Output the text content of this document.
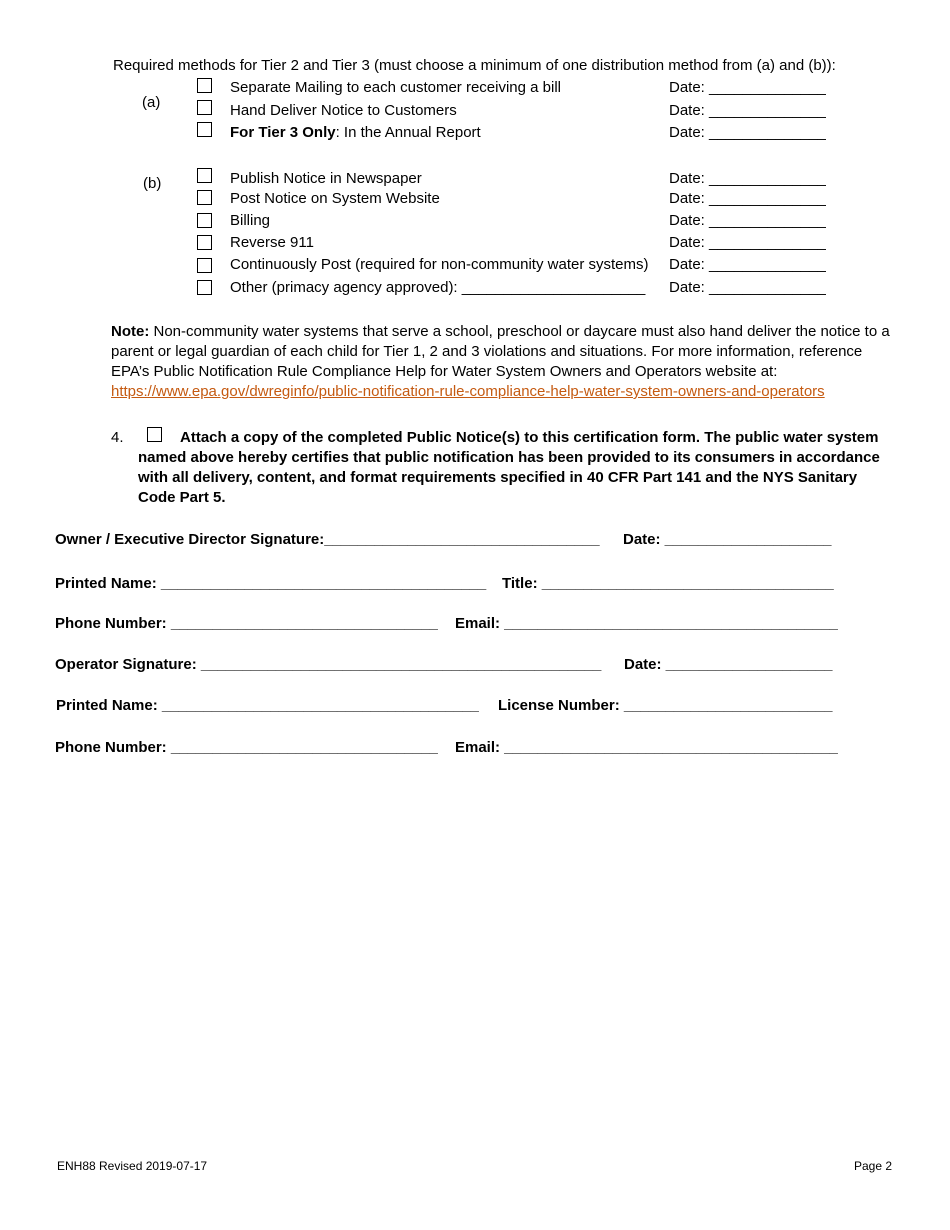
Required methods for Tier 2 and Tier 3 (must choose a minimum of one distribution method from (a) and (b)):
(a)
Separate Mailing to each customer receiving a bill	Date: ______________
Hand Deliver Notice to Customers	Date: ______________
For Tier 3 Only: In the Annual Report	Date: ______________
(b)	Publish Notice in Newspaper	Date: ______________
Post Notice on System Website	Date: ______________
Billing	Date: ______________
Reverse 911	Date: ______________
Continuously Post (required for non-community water systems) Date: ______________
Other (primacy agency approved): ______________________ Date: ______________
Note: Non-community water systems that serve a school, preschool or daycare must also hand deliver the notice to a parent or legal guardian of each child for Tier 1, 2 and 3 violations and situations. For more information, reference EPA’s Public Notification Rule Compliance Help for Water System Owners and Operators website at:
https://www.epa.gov/dwreginfo/public-notification-rule-compliance-help-water-system-owners-and-operators
4.	Attach a copy of the completed Public Notice(s) to this certification form. The public water system named above hereby certifies that public notification has been provided to its consumers in accordance with all delivery, content, and format requirements specified in 40 CFR Part 141 and the NYS Sanitary Code Part 5.
Owner / Executive Director Signature:_________________________________ Date: ____________________
Printed Name: _______________________________________ Title: ___________________________________
Phone Number: ________________________________ Email: ________________________________________
Operator Signature: ________________________________________________ Date: ____________________
Printed Name: ______________________________________ License Number: _________________________
Phone Number: ________________________________ Email: ________________________________________
ENH88 Revised 2019-07-17	Page 2
